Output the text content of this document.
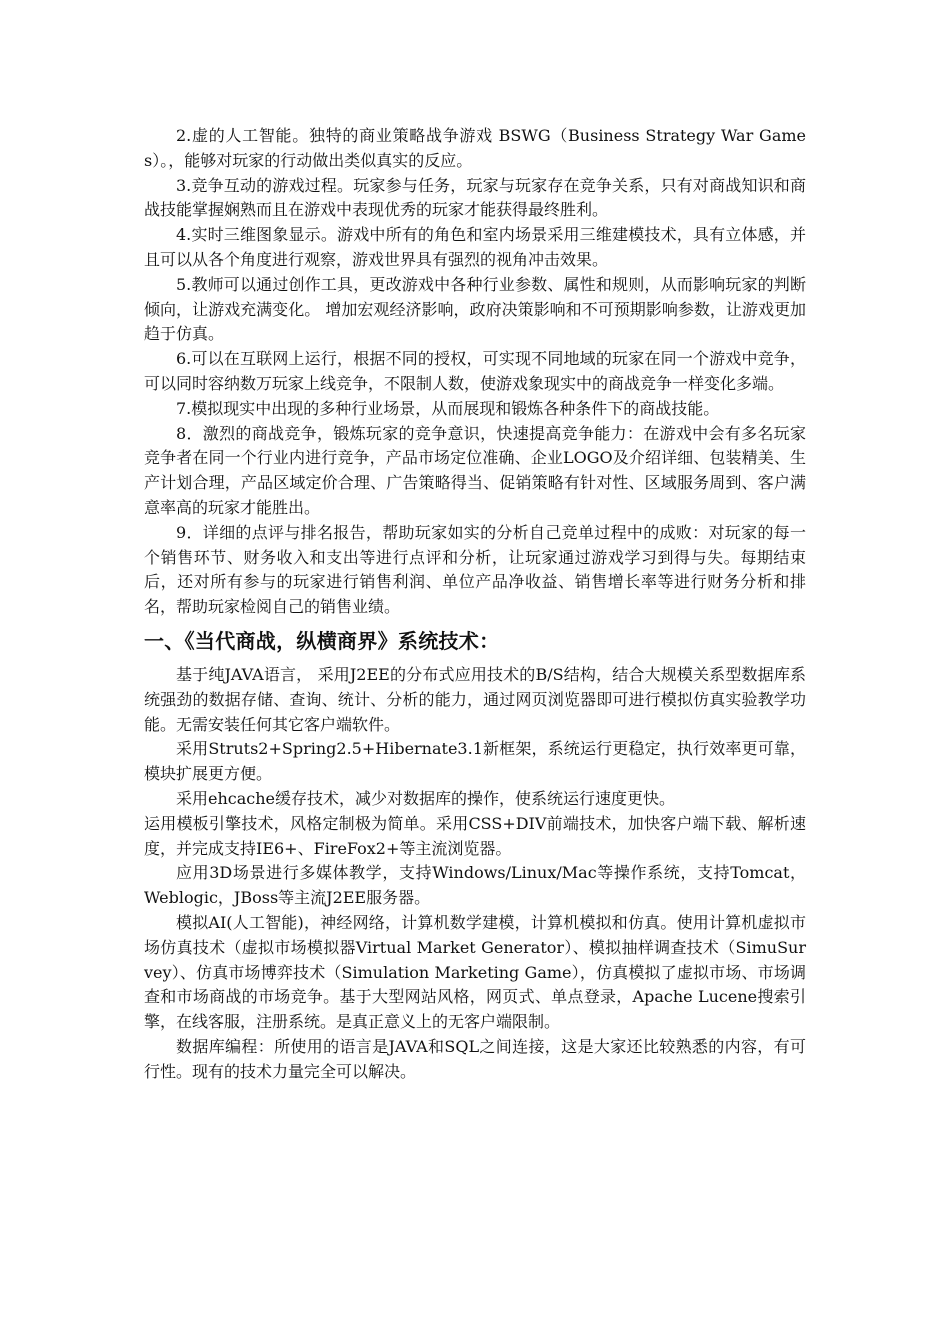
2.虚的人工智能。独特的商业策略战争游戏 BSWG（Business Strategy War Games）。，能够对玩家的行动做出类似真实的反应。

3.竞争互动的游戏过程。玩家参与任务，玩家与玩家存在竞争关系，只有对商战知识和商战技能掌握娴熟而且在游戏中表现优秀的玩家才能获得最终胜利。

4.实时三维图象显示。游戏中所有的角色和室内场景采用三维建模技术，具有立体感，并且可以从各个角度进行观察，游戏世界具有强烈的视角冲击效果。

5.教师可以通过创作工具，更改游戏中各种行业参数、属性和规则，从而影响玩家的判断倾向，让游戏充满变化。 增加宏观经济影响，政府决策影响和不可预期影响参数，让游戏更加趋于仿真。

6.可以在互联网上运行，根据不同的授权，可实现不同地域的玩家在同一个游戏中竞争，可以同时容纳数万玩家上线竞争，不限制人数，使游戏象现实中的商战竞争一样变化多端。

7.模拟现实中出现的多种行业场景，从而展现和锻炼各种条件下的商战技能。

8．激烈的商战竞争，锻炼玩家的竞争意识，快速提高竞争能力：在游戏中会有多名玩家竞争者在同一个行业内进行竞争，产品市场定位准确、企业LOGO及介绍详细、包装精美、生产计划合理，产品区域定价合理、广告策略得当、促销策略有针对性、区域服务周到、客户满意率高的玩家才能胜出。

9．详细的点评与排名报告，帮助玩家如实的分析自己竞单过程中的成败：对玩家的每一个销售环节、财务收入和支出等进行点评和分析，让玩家通过游戏学习到得与失。每期结束后，还对所有参与的玩家进行销售利润、单位产品净收益、销售增长率等进行财务分析和排名，帮助玩家检阅自己的销售业绩。

一、《当代商战，纵横商界》系统技术：

基于纯JAVA语言， 采用J2EE的分布式应用技术的B/S结构，结合大规模关系型数据库系统强劲的数据存储、查询、统计、分析的能力，通过网页浏览器即可进行模拟仿真实验教学功能。无需安装任何其它客户端软件。

采用Struts2+Spring2.5+Hibernate3.1新框架，系统运行更稳定，执行效率更可靠，模块扩展更方便。

采用ehcache缓存技术，减少对数据库的操作，使系统运行速度更快。

运用模板引擎技术，风格定制极为简单。采用CSS+DIV前端技术，加快客户端下载、解析速度，并完成支持IE6+、FireFox2+等主流浏览器。

应用3D场景进行多媒体教学，支持Windows/Linux/Mac等操作系统，支持Tomcat，Weblogic，JBoss等主流J2EE服务器。

模拟AI(人工智能)，神经网络，计算机数学建模，计算机模拟和仿真。使用计算机虚拟市场仿真技术（虚拟市场模拟器Virtual Market Generator）、模拟抽样调查技术（SimuSurvey）、仿真市场博弈技术（Simulation Marketing Game），仿真模拟了虚拟市场、市场调查和市场商战的市场竞争。基于大型网站风格，网页式、单点登录，Apache Lucene搜索引擎，在线客服，注册系统。是真正意义上的无客户端限制。

数据库编程：所使用的语言是JAVA和SQL之间连接，这是大家还比较熟悉的内容，有可行性。现有的技术力量完全可以解决。
